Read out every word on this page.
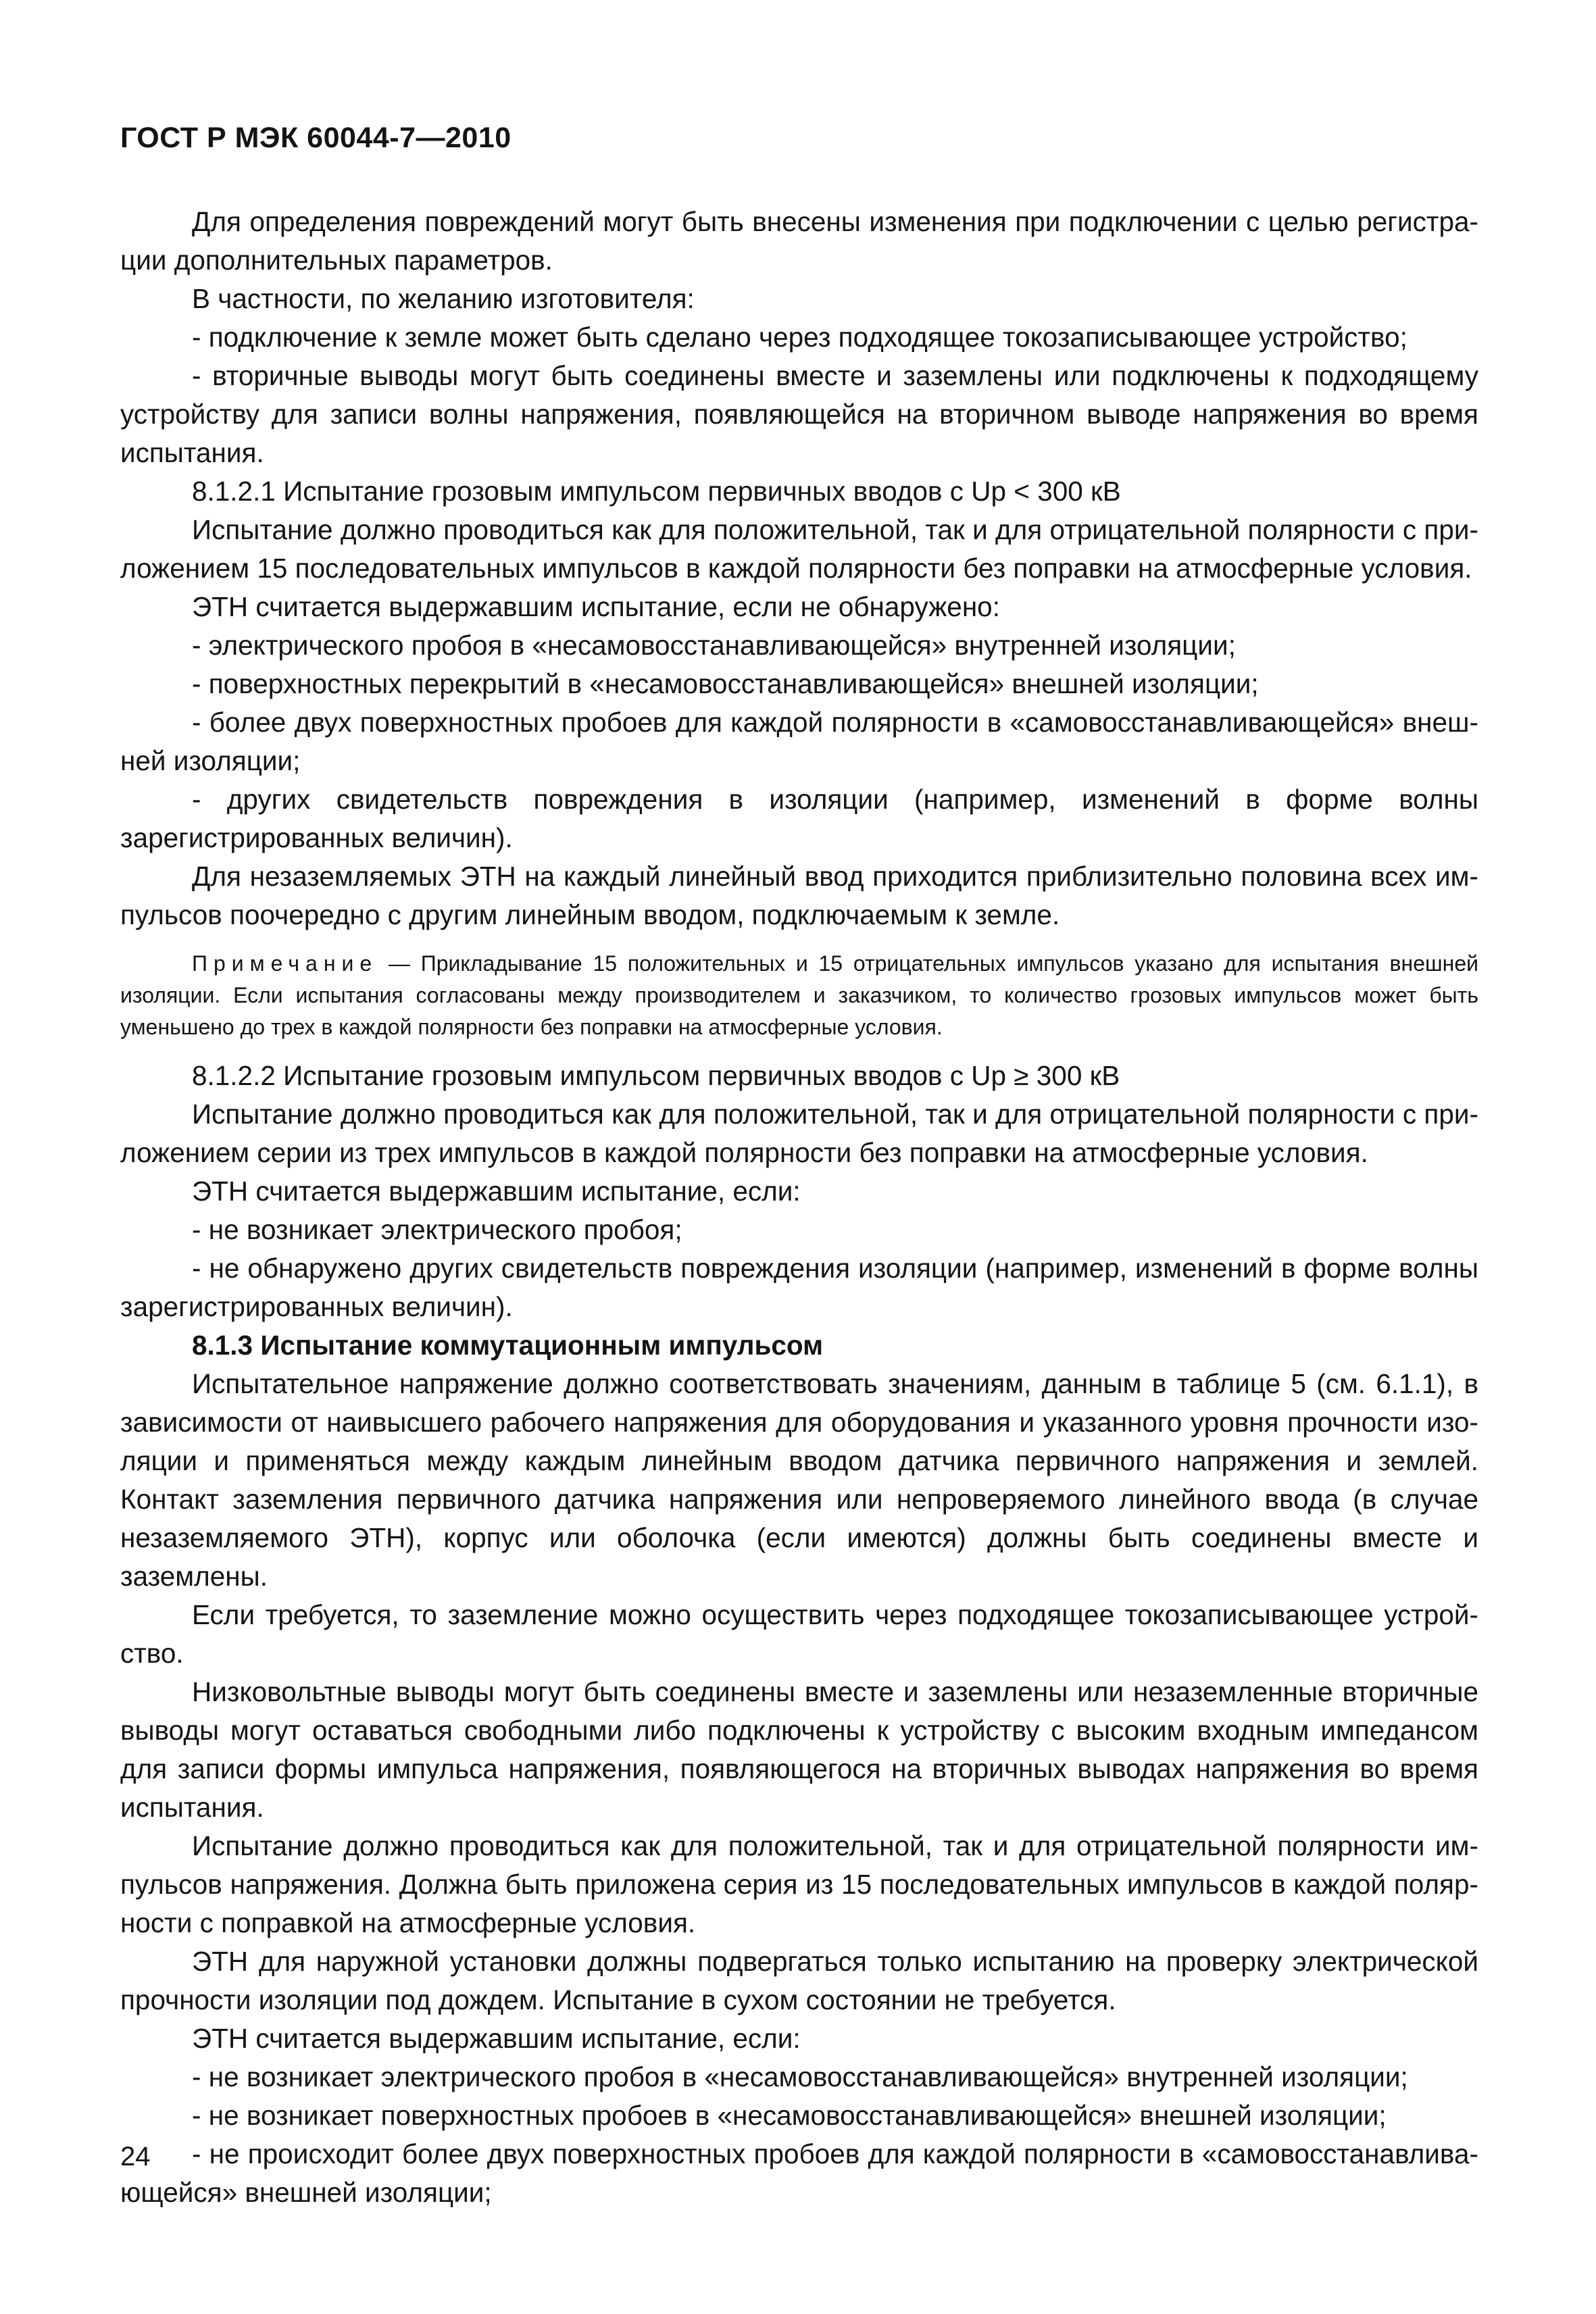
ГОСТ Р МЭК 60044-7—2010

Для определения повреждений могут быть внесены изменения при подключении с целью регистрации дополнительных параметров.

В частности, по желанию изготовителя:

- подключение к земле может быть сделано через подходящее токозаписывающее устройство;

- вторичные выводы могут быть соединены вместе и заземлены или подключены к подходящему устройству для записи волны напряжения, появляющейся на вторичном выводе напряжения во время испытания.

8.1.2.1 Испытание грозовым импульсом первичных вводов с Uр < 300 кВ

Испытание должно проводиться как для положительной, так и для отрицательной полярности с приложением 15 последовательных импульсов в каждой полярности без поправки на атмосферные условия.

ЭТН считается выдержавшим испытание, если не обнаружено:

- электрического пробоя в «несамовосстанавливающейся» внутренней изоляции;

- поверхностных перекрытий в «несамовосстанавливающейся» внешней изоляции;

- более двух поверхностных пробоев для каждой полярности в «самовосстанавливающейся» внешней изоляции;

- других свидетельств повреждения в изоляции (например, изменений в форме волны зарегистрированных величин).

Для незаземляемых ЭТН на каждый линейный ввод приходится приблизительно половина всех импульсов поочередно с другим линейным вводом, подключаемым к земле.

Примечание — Прикладывание 15 положительных и 15 отрицательных импульсов указано для испытания внешней изоляции. Если испытания согласованы между производителем и заказчиком, то количество грозовых импульсов может быть уменьшено до трех в каждой полярности без поправки на атмосферные условия.

8.1.2.2 Испытание грозовым импульсом первичных вводов с Uр ≥ 300 кВ

Испытание должно проводиться как для положительной, так и для отрицательной полярности с приложением серии из трех импульсов в каждой полярности без поправки на атмосферные условия.

ЭТН считается выдержавшим испытание, если:

- не возникает электрического пробоя;

- не обнаружено других свидетельств повреждения изоляции (например, изменений в форме волны зарегистрированных величин).

8.1.3 Испытание коммутационным импульсом

Испытательное напряжение должно соответствовать значениям, данным в таблице 5 (см. 6.1.1), в зависимости от наивысшего рабочего напряжения для оборудования и указанного уровня прочности изоляции и применяться между каждым линейным вводом датчика первичного напряжения и землей. Контакт заземления первичного датчика напряжения или непроверяемого линейного ввода (в случае незаземляемого ЭТН), корпус или оболочка (если имеются) должны быть соединены вместе и заземлены.

Если требуется, то заземление можно осуществить через подходящее токозаписывающее устройство.

Низковольтные выводы могут быть соединены вместе и заземлены или незаземленные вторичные выводы могут оставаться свободными либо подключены к устройству с высоким входным импедансом для записи формы импульса напряжения, появляющегося на вторичных выводах напряжения во время испытания.

Испытание должно проводиться как для положительной, так и для отрицательной полярности импульсов напряжения. Должна быть приложена серия из 15 последовательных импульсов в каждой полярности с поправкой на атмосферные условия.

ЭТН для наружной установки должны подвергаться только испытанию на проверку электрической прочности изоляции под дождем. Испытание в сухом состоянии не требуется.

ЭТН считается выдержавшим испытание, если:

- не возникает электрического пробоя в «несамовосстанавливающейся» внутренней изоляции;

- не возникает поверхностных пробоев в «несамовосстанавливающейся» внешней изоляции;

- не происходит более двух поверхностных пробоев для каждой полярности в «самовосстанавливающейся» внешней изоляции;

24
